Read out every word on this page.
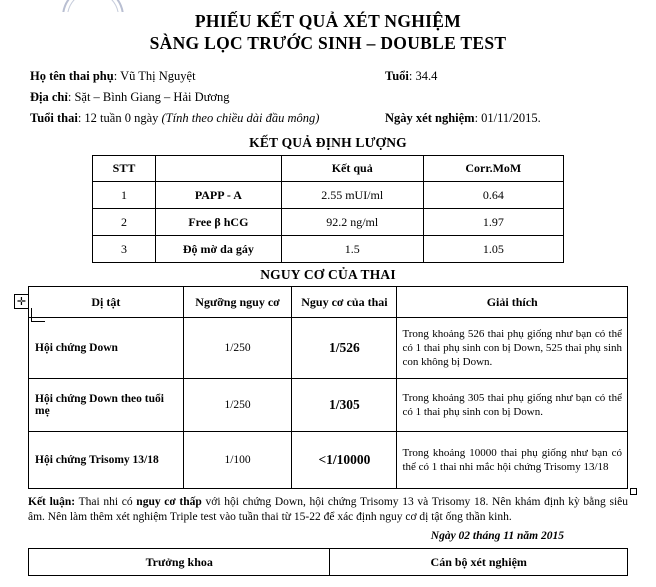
PHIẾU KẾT QUẢ XÉT NGHIỆM
SÀNG LỌC TRƯỚC SINH – DOUBLE TEST
Họ tên thai phụ: Vũ Thị Nguyệt	Tuổi: 34.4
Địa chỉ: Sặt – Bình Giang – Hải Dương
Tuổi thai: 12 tuần 0 ngày (Tính theo chiều dài đầu mông)	Ngày xét nghiệm: 01/11/2015.
KẾT QUẢ ĐỊNH LƯỢNG
STT		Kết quả	Corr.MoM
1	PAPP - A	2.55 mUI/ml	0.64
2	Free β hCG	92.2 ng/ml	1.97
3	Độ mờ da gáy	1.5	1.05
NGUY CƠ CỦA THAI
✛	Dị tật	Ngưỡng nguy cơ	Nguy cơ của thai	Giải thích
Hội chứng Down	1/250	1/526	Trong khoảng 526 thai phụ giống như bạn có thể có 1 thai phụ sinh con bị Down, 525 thai phụ sinh con không bị Down.
Hội chứng Down theo tuổi mẹ	1/250	1/305	Trong khoảng 305 thai phụ giống như bạn có thể có 1 thai phụ sinh con bị Down.
Hội chứng Trisomy 13/18	1/100	<1/10000	Trong khoảng 10000 thai phụ giống như bạn có thể có 1 thai nhi mắc hội chứng Trisomy 13/18
Kết luận: Thai nhi có nguy cơ thấp với hội chứng Down, hội chứng Trisomy 13 và Trisomy 18. Nên khám định kỳ bằng siêu âm. Nên làm thêm xét nghiệm Triple test vào tuần thai từ 15-22 để xác định nguy cơ dị tật ống thần kinh.
Ngày 02 tháng 11 năm 2015
Trưởng khoa	Cán bộ xét nghiệm
